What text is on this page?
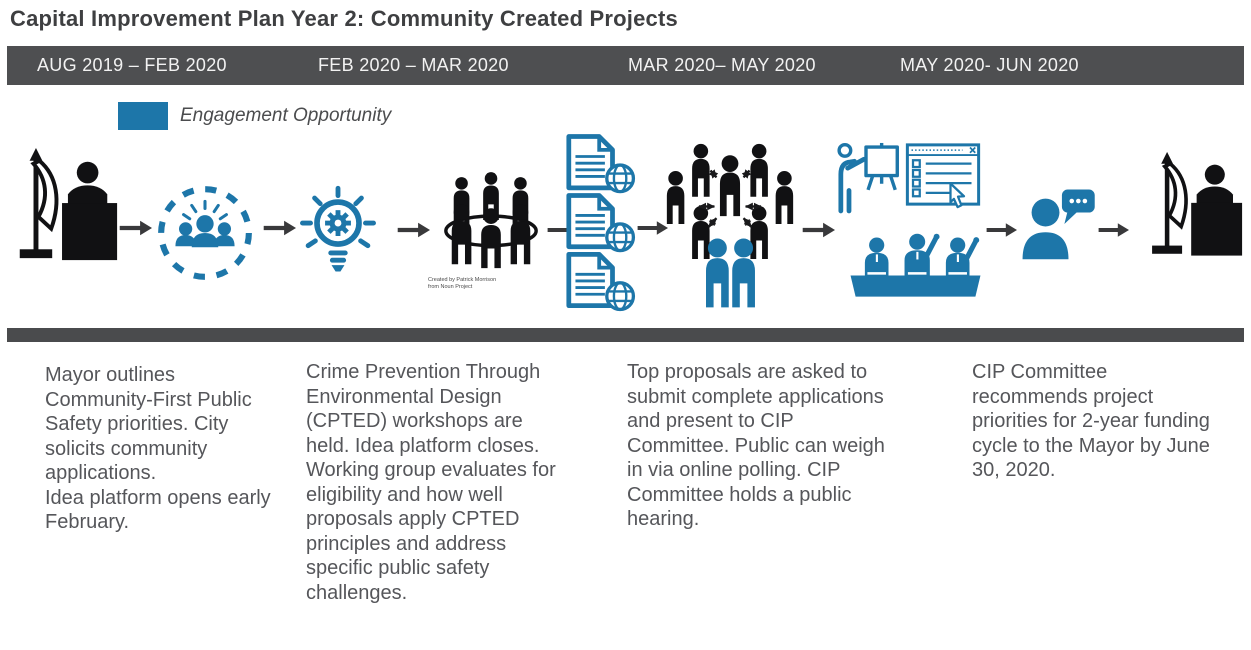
Capital Improvement Plan Year 2: Community Created Projects
AUG 2019 – FEB 2020	FEB 2020 – MAR 2020	MAR 2020– MAY 2020	MAY 2020- JUN 2020
Engagement Opportunity

Created by Patrick Morrison

from Noun Project

Mayor outlines Community-First Public Safety priorities. City solicits community applications.

Idea platform opens early February.

Crime Prevention Through Environmental Design (CPTED) workshops are held. Idea platform closes. Working group evaluates for eligibility and how well proposals apply CPTED principles and address specific public safety challenges.

Top proposals are asked to submit complete applications and present to CIP Committee. Public can weigh in via online polling. CIP Committee holds a public hearing.

CIP Committee recommends project priorities for 2-year funding cycle to the Mayor by June 30, 2020.
